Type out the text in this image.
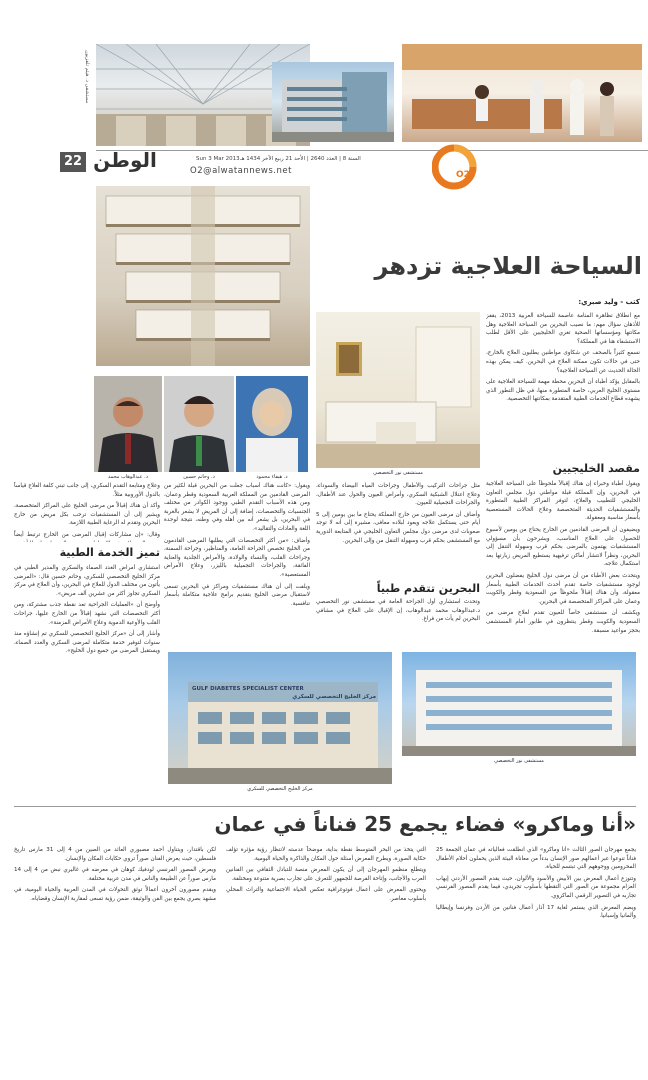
مستشفى د. هيثم تلفزيون
22 الوطن	السنة 8 | العدد 2640 | الأحد 21 ربيع الآخر 1434 هـ
Sun 3 Mar 2013
O2@alwatannews.net	O2
السياحة العلاجية تزدهر
كتب - وليد صبري:

مع انطلاق تظاهرة المنامة عاصمة للسياحة العربية 2013، يقفز للأذهان سؤال مهم: ما نصيب البحرين من السياحة العلاجية وهل مكانتها ومؤسساتها الصحية تغري الخليجيين على الأقل لطلب الاستشفاء هنا في المملكة؟

نسمع كثيراً بالصحف عن شكاوى مواطنين يطلبون العلاج بالخارج، حتى في حالات تكون ممكنة العلاج في البحرين. كيف يمكن بهذه الحالة الحديث عن السياحة العلاجية؟

بالمقابل يؤكد أطباء أن البحرين محطة مهمة للسياحة العلاجية على مستوى الخليج العربي، خاصة المتطورة منها، في ظل التطور الذي يشهده قطاع الخدمات الطبية المتقدمة بمكانتها التخصصية.

مقصد الخليجيين

ويقول أطباء وخبراء إن هناك إقبالاً ملحوظاً على السياحة العلاجية في البحرين، وإن المملكة قبلة مواطني دول مجلس التعاون الخليجي للتطبيب والعلاج، لتوفر المراكز الطبية المتطورة والمستشفيات الحديثة المتخصصة وعلاج الحالات المستعصية بأسعار مناسبة ومعقولة.

ويضيفون أن المرضى القادمين من الخارج يحتاج من يومين لأسبوع للحصول على العلاج المناسب، ويشرحون بأن مسؤولي المستشفيات يهتمون بالمرضى بحكم قرب وسهولة التنقل إلى البحرين، ونظراً لانتشار أماكن ترفيهية يستطيع المريض زيارتها بعد استكمال علاجه.

ويتحدث بعض الأطباء من أن مرضى دول الخليج يفضلون البحرين لوجود مستشفيات خاصة تقدم أحدث الخدمات الطبية بأسعار معقولة، وأن هناك إقبالاً ملحوظاً من السعودية وقطر والكويت وعمان على المراكز المتخصصة في البحرين.

ويكشف أن مستشفى خاصاً للعيون تقدم لعلاج مرضى من السعودية والكويت وقطر ينتظرون في طابور أمام المستشفى بحجز مواعيد مسبقة.

مستشفى نور التخصصي
د. هيفاء محمود
د. وحاتم حسين
د. عبدالوهاب محمد

مثل جراحات التركيب والأطفال وجراحات المياه البيضاء والسوداء، وعلاج اعتلال الشبكية السكري، وأمراض العيون والحول عند الأطفال، والجراحات التجميلية للعيون.

وأضاف أن مرضى العيون من خارج المملكة يحتاج ما بين يومين إلى 5 أيام حتى يستكمل علاجه ويعود لبلاده معافى، مشيرة إلى أنه لا توجد صعوبات لدى مرضى دول مجلس التعاون الخليجي في المتابعة الدورية مع المستشفى بحكم قرب وسهولة التنقل من وإلى البحرين.

البحرين تتقدم طبياً

وتحدث استشاري أول الجراحة العامة في مستشفى نور التخصصي د.عبدالوهاب محمد عبدالوهاب، إن الإقبال على العلاج في مشافي البحرين لم يأت من فراغ.

ويقول: «كانت هناك أسباب جعلت من البحرين قبلة لكثير من المرضى القادمين من المملكة العربية السعودية وقطر وعمان، ومن هذه الأسباب التقدم الطبي ووجود الكوادر من مختلف الجنسيات والتخصصات، إضافة إلى أن المريض لا يشعر بالغربة في البحرين، بل يشعر أنه بين أهله وفي وطنه، نتيجة لوحدة اللغة والعادات والتقاليد».

وأضاف: «من أكثر التخصصات التي يطلبها المرضى القادمون من الخليج تخصص الجراحة العامة، والمناظير، وجراحة السمنة، وجراحات القلب، والنساء والولادة، والأمراض الجلدية والعناية الفائقة، والجراحات التجميلية بالليزر، وعلاج الأمراض المستعصية».

ويلفت إلى أن هناك مستشفيات ومراكز في البحرين تسعى لاستقبال مرضى الخليج بتقديم برامج علاجية متكاملة بأسعار تنافسية.

وعلاج ومتابعة التقدم السكري، إلى جانب تبني كلفة العلاج قياساً بالدول الأوروبية مثلاً.

وأكد أن هناك إقبالاً من مرضى الخليج على المراكز المتخصصة، ويشير إلى أن المستشفيات ترحب بكل مريض من خارج البحرين وتقدم له الرعاية الطبية اللازمة.

وقال: «إن مشاركات إقبال المرضى من الخارج ترتبط أيضاً

تميز الخدمة الطبية

استشاري أمراض الغدد الصماء والسكري والمدير الطبي في مركز الخليج التخصصي للسكري، وحاتم حسين قال: «المرضى يأتون من مختلف الدول للعلاج في البحرين، وأن العلاج في مركز السكري تجاوز أكثر من عشرين ألف مريض».

وأوضح أن «العمليات الجراحية تعد نقطة جذب مشتركة، ومن أكثر التخصصات التي نشهد إقبالاً من الخارج عليها، جراحات القلب والأوعية الدموية وعلاج الأمراض المزمنة».

وأشار إلى أن «مركز الخليج التخصصي للسكري تم إنشاؤه منذ سنوات لتوفير خدمة متكاملة لمرضى السكري والغدد الصماء، ويستقبل المرضى من جميع دول الخليج».

GULF DIABETES SPECIALIST CENTER
مركز الخليج التخصصي للسكري
مركز الخليج التخصصي للسكري
مستشفى نور التخصصي
«أنا وماكرو» فضاء يجمع 25 فناناً في عمان

يجمع مهرجان الصور الثالث «أنا وماكرو» الذي انطلقت فعالياته في عمان الجمعة 25 فناناً تنوعوا عبر أعمالهم صور الإنسان بدءاً من معاناة البيئة الذين يحملون أحلام الأطفال المحرومين ووجوههم التي تبتسم للحياة.

وتتوزع أعمال المعرض بين الأبيض والأسود والألوان، حيث يقدم المصور الأردني إيهاب العزام مجموعة من الصور التي التقطها بأسلوب تجريدي، فيما يقدم المصور الفرنسي تجاربه في التصوير الرقمي الماكروي.

ويضم المعرض الذي يستمر لغاية 17 آذار أعمال فنانين من الأردن وفرنسا وإيطاليا وألمانيا وإسبانيا.

التي يتخذ من البحر المتوسط نقطة بداية، موضحاً عدسته لانتظار رؤية مؤثرة تؤلف حكاية الصورة، ويطرح المعرض أسئلة حول المكان والذاكرة والحياة اليومية.

ويتطلع منظمو المهرجان إلى أن يكون المعرض منصة للتبادل الثقافي بين الفنانين العرب والأجانب، وإتاحة الفرصة للجمهور للتعرف على تجارب بصرية متنوعة ومختلفة.

ويحتوي المعرض على أعمال فوتوغرافية تعكس الحياة الاجتماعية والتراث المحلي بأسلوب معاصر.

لكن باقتدار، ويتناول أحمد مصبوري العائد من الصين من 4 إلى 31 مارس تاريخ فلسطين، حيث يعرض الفنان صوراً تروي حكايات المكان والإنسان.

ويعرض المصور الفرنسي لودفيك كوهان في معرضه في غاليري نبض من 4 إلى 14 مارس صوراً عن الطبيعة والناس في مدن عربية مختلفة.

ويقدم مصورون آخرون أعمالاً توثق التحولات في المدن العربية والحياة اليومية، في مشهد بصري يجمع بين الفن والوثيقة، ضمن رؤية تسعى لمقاربة الإنسان وقضاياه.
